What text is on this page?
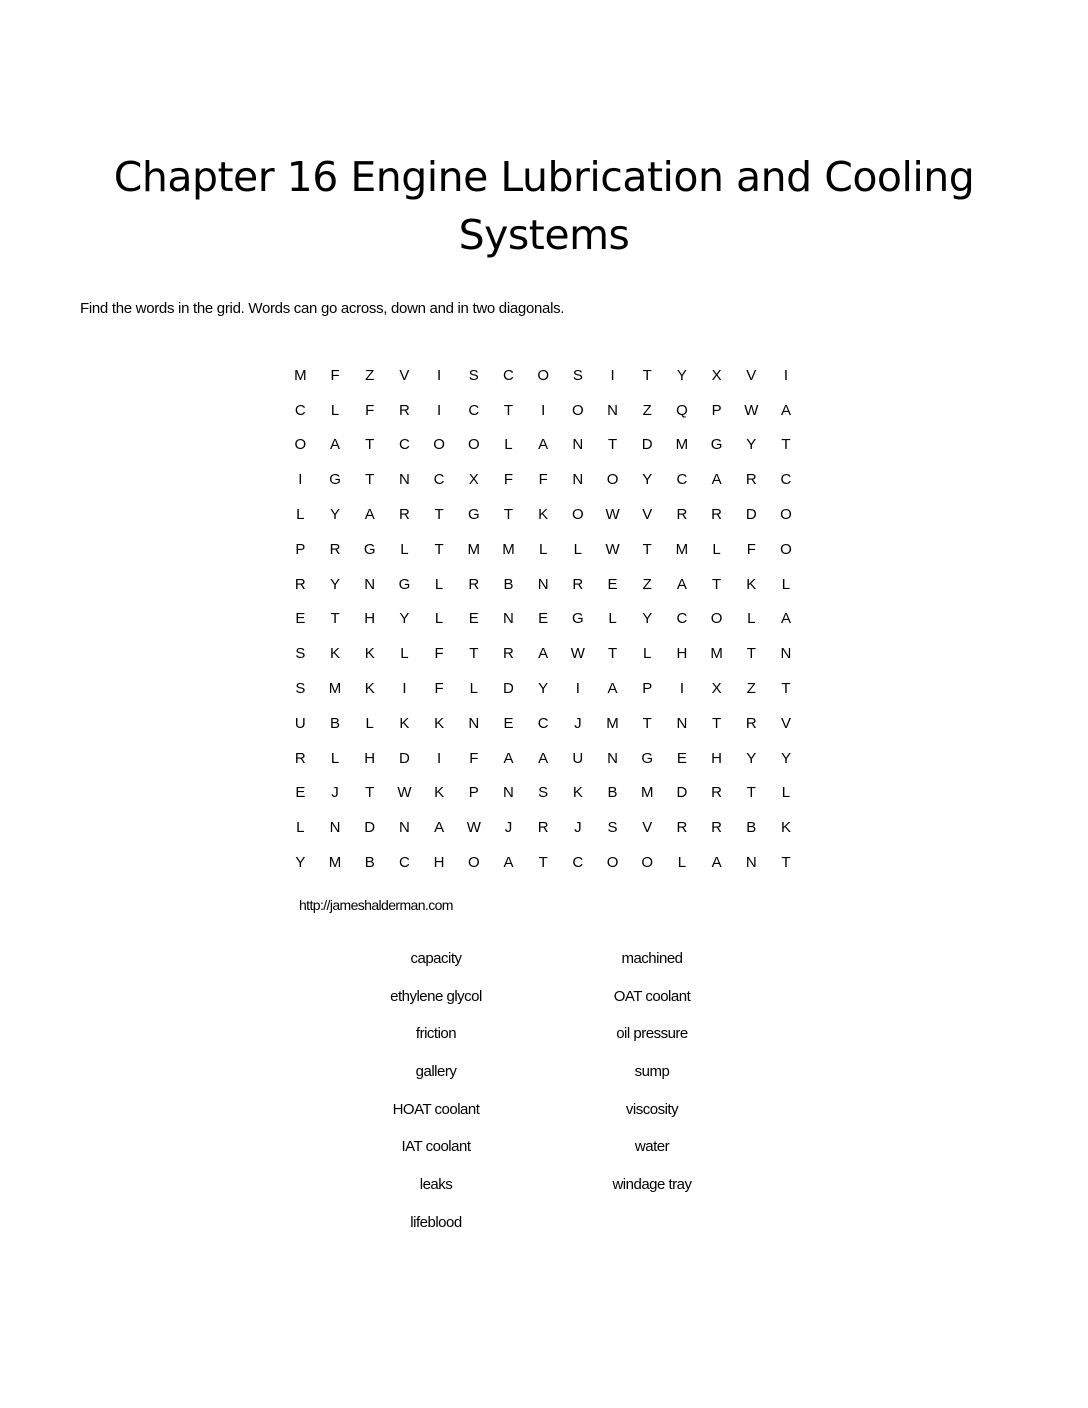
Chapter 16 Engine Lubrication and Cooling Systems
Find the words in the grid. Words can go across, down and in two diagonals.
M	F	Z	V	I	S	C	O	S	I	T	Y	X	V	I
C	L	F	R	I	C	T	I	O	N	Z	Q	P	W	A
O	A	T	C	O	O	L	A	N	T	D	M	G	Y	T
I	G	T	N	C	X	F	F	N	O	Y	C	A	R	C
L	Y	A	R	T	G	T	K	O	W	V	R	R	D	O
P	R	G	L	T	M	M	L	L	W	T	M	L	F	O
R	Y	N	G	L	R	B	N	R	E	Z	A	T	K	L
E	T	H	Y	L	E	N	E	G	L	Y	C	O	L	A
S	K	K	L	F	T	R	A	W	T	L	H	M	T	N
S	M	K	I	F	L	D	Y	I	A	P	I	X	Z	T
U	B	L	K	K	N	E	C	J	M	T	N	T	R	V
R	L	H	D	I	F	A	A	U	N	G	E	H	Y	Y
E	J	T	W	K	P	N	S	K	B	M	D	R	T	L
L	N	D	N	A	W	J	R	J	S	V	R	R	B	K
Y	M	B	C	H	O	A	T	C	O	O	L	A	N	T
http://jameshalderman.com
capacity	machined
ethylene glycol	OAT coolant
friction	oil pressure
gallery	sump
HOAT coolant	viscosity
IAT coolant	water
leaks	windage tray
lifeblood
